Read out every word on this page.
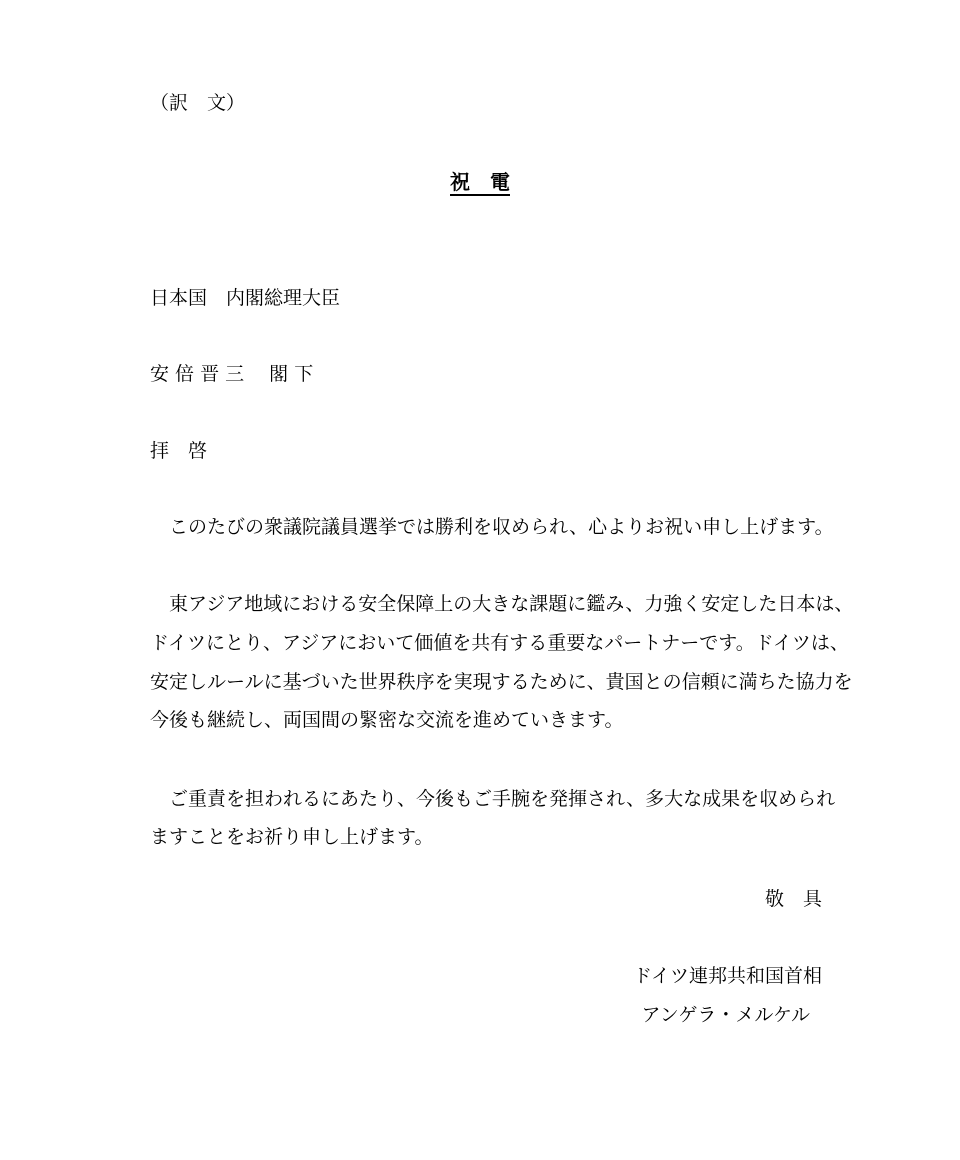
（訳　文）

祝　電

日本国　内閣総理大臣

安 倍 晋 三　 閣 下

拝　啓

　このたびの衆議院議員選挙では勝利を収められ、心よりお祝い申し上げます。

　東アジア地域における安全保障上の大きな課題に鑑み、力強く安定した日本は、

ドイツにとり、アジアにおいて価値を共有する重要なパートナーです。ドイツは、

安定しルールに基づいた世界秩序を実現するために、貴国との信頼に満ちた協力を

今後も継続し、両国間の緊密な交流を進めていきます。

　ご重責を担われるにあたり、今後もご手腕を発揮され、多大な成果を収められ

ますことをお祈り申し上げます。

敬　具

ドイツ連邦共和国首相

アンゲラ・メルケル
